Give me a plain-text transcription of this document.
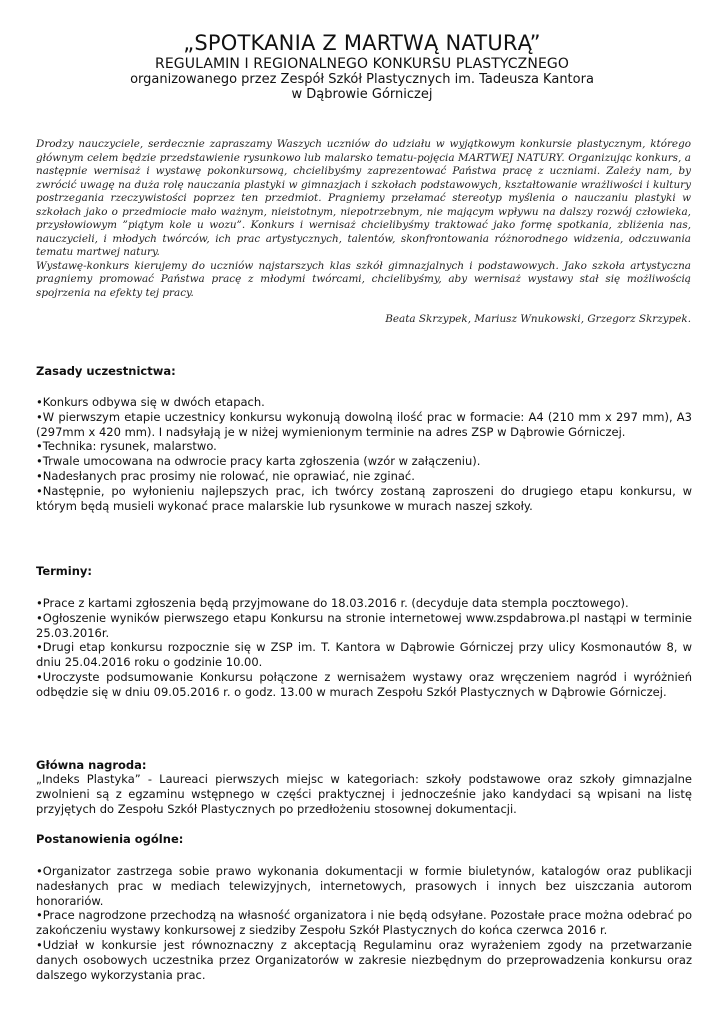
„SPOTKANIA Z MARTWĄ NATURĄ”
REGULAMIN I REGIONALNEGO KONKURSU PLASTYCZNEGO
organizowanego przez Zespół Szkół Plastycznych im. Tadeusza Kantora
w Dąbrowie Górniczej

Drodzy nauczyciele, serdecznie zapraszamy Waszych uczniów do udziału w wyjątkowym konkursie plastycznym, którego głównym celem będzie przedstawienie rysunkowo lub malarsko tematu-pojęcia MARTWEJ NATURY. Organizując konkurs, a następnie wernisaż i wystawę pokonkursową, chcielibyśmy zaprezentować Państwa pracę z uczniami. Zależy nam, by zwrócić uwagę na duża rolę nauczania plastyki w gimnazjach i szkołach podstawowych, kształtowanie wrażliwości i kultury postrzegania rzeczywistości poprzez ten przedmiot. Pragniemy przełamać stereotyp myślenia o nauczaniu plastyki w szkołach jako o przedmiocie mało ważnym, nieistotnym, niepotrzebnym, nie mającym wpływu na dalszy rozwój człowieka, przysłowiowym ”piątym kole u wozu”. Konkurs i wernisaż chcielibyśmy traktować jako formę spotkania, zbliżenia nas, nauczycieli, i młodych twórców, ich prac artystycznych, talentów, skonfrontowania różnorodnego widzenia, odczuwania tematu martwej natury.

Wystawę-konkurs kierujemy do uczniów najstarszych klas szkół gimnazjalnych i podstawowych. Jako szkoła artystyczna pragniemy promować Państwa pracę z młodymi twórcami, chcielibyśmy, aby wernisaż wystawy stał się możliwością spojrzenia na efekty tej pracy.

Beata Skrzypek, Mariusz Wnukowski, Grzegorz Skrzypek.
Zasady uczestnictwa:
•Konkurs odbywa się w dwóch etapach.
•W pierwszym etapie uczestnicy konkursu wykonują dowolną ilość prac w formacie: A4 (210 mm x 297 mm), A3 (297mm x 420 mm). I nadsyłają je w niżej wymienionym terminie na adres ZSP w Dąbrowie Górniczej.
•Technika: rysunek, malarstwo.
•Trwale umocowana na odwrocie pracy karta zgłoszenia (wzór w załączeniu).
•Nadesłanych prac prosimy nie rolować, nie oprawiać, nie zginać.
•Następnie, po wyłonieniu najlepszych prac, ich twórcy zostaną zaproszeni do drugiego etapu konkursu, w którym będą musieli wykonać prace malarskie lub rysunkowe w murach naszej szkoły.
Terminy:
•Prace z kartami zgłoszenia będą przyjmowane do 18.03.2016 r. (decyduje data stempla pocztowego).
•Ogłoszenie wyników pierwszego etapu Konkursu na stronie internetowej www.zspdabrowa.pl nastąpi w terminie 25.03.2016r.
•Drugi etap konkursu rozpocznie się w ZSP im. T. Kantora w Dąbrowie Górniczej przy ulicy Kosmonautów 8, w dniu 25.04.2016 roku o godzinie 10.00.
•Uroczyste podsumowanie Konkursu połączone z wernisażem wystawy oraz wręczeniem nagród i wyróżnień odbędzie się w dniu 09.05.2016 r. o godz. 13.00 w murach Zespołu Szkół Plastycznych w Dąbrowie Górniczej.
Główna nagroda:

„Indeks Plastyka” - Laureaci pierwszych miejsc w kategoriach: szkoły podstawowe oraz szkoły gimnazjalne zwolnieni są z egzaminu wstępnego w części praktycznej i jednocześnie jako kandydaci są wpisani na listę przyjętych do Zespołu Szkół Plastycznych po przedłożeniu stosownej dokumentacji.

Postanowienia ogólne:
•Organizator zastrzega sobie prawo wykonania dokumentacji w formie biuletynów, katalogów oraz publikacji nadesłanych prac w mediach telewizyjnych, internetowych, prasowych i innych bez uiszczania autorom honorariów.
•Prace nagrodzone przechodzą na własność organizatora i nie będą odsyłane. Pozostałe prace można odebrać po zakończeniu wystawy konkursowej z siedziby Zespołu Szkół Plastycznych do końca czerwca 2016 r.
•Udział w konkursie jest równoznaczny z akceptacją Regulaminu oraz wyrażeniem zgody na przetwarzanie danych osobowych uczestnika przez Organizatorów w zakresie niezbędnym do przeprowadzenia konkursu oraz dalszego wykorzystania prac.
